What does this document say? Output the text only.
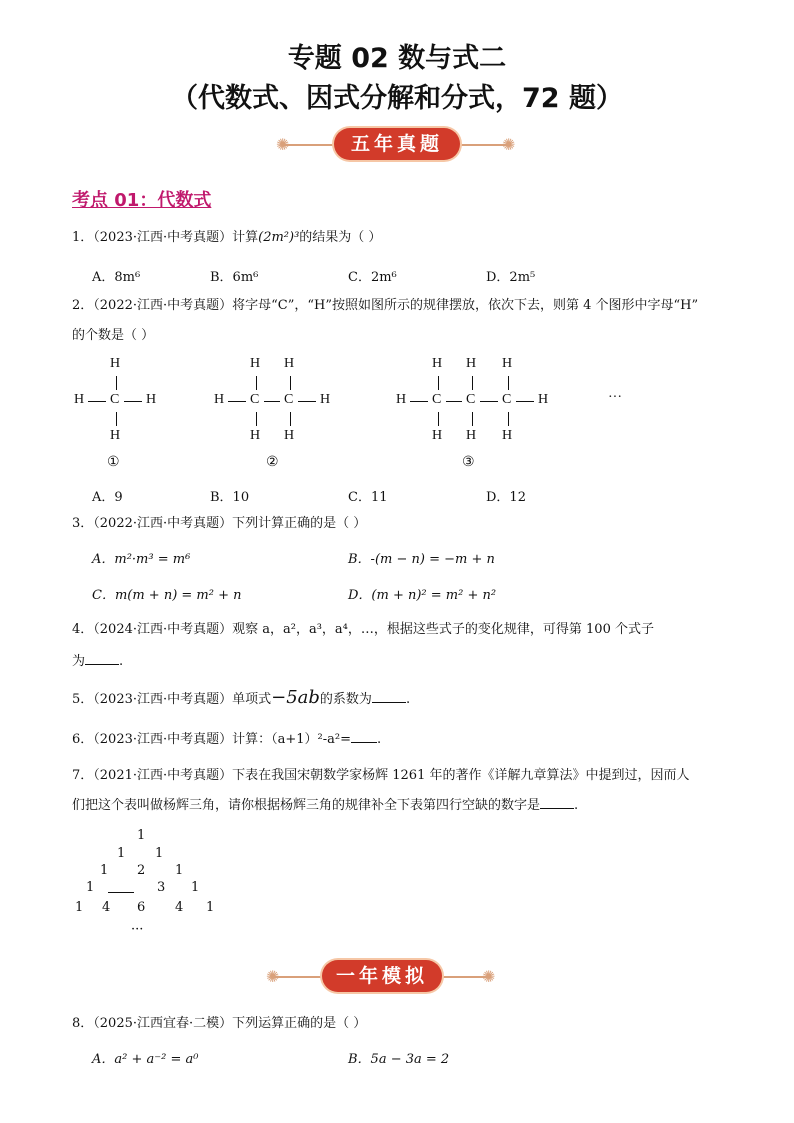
专题 02 数与式二
（代数式、因式分解和分式，72 题）
✺	✺
五年真题
考点 01：代数式
1．（2023·江西·中考真题）计算(2m²)³的结果为（ ）
A．8m⁶	B．6m⁶	C．2m⁶	D．2m⁵
2．（2022·江西·中考真题）将字母“C”，“H”按照如图所示的规律摆放，依次下去，则第 4 个图形中字母“H”
的个数是（ ）
H
H C H
H
①
H H
H C C H
H H
②
H H H
H C C C H
H H H
③
···
A．9	B．10	C．11	D．12
3．（2022·江西·中考真题）下列计算正确的是（ ）
A．m²·m³ = m⁶	B．-(m − n) = −m + n
C．m(m + n) = m² + n	D．(m + n)² = m² + n²
4．（2024·江西·中考真题）观察 a，a²，a³，a⁴，…，根据这些式子的变化规律，可得第 100 个式子
为	.
5．（2023·江西·中考真题）单项式−5ab的系数为	.
6．（2023·江西·中考真题）计算：（a+1）²-a²= .
7．（2021·江西·中考真题）下表在我国宋朝数学家杨辉 1261 年的著作《详解九章算法》中提到过，因而人
们把这个表叫做杨辉三角，请你根据杨辉三角的规律补全下表第四行空缺的数字是	.
1
1 1
1 2 1
1	3 1
1 4 6 4 1
···
✺	✺
一年模拟
8．（2025·江西宜春·二模）下列运算正确的是（ ）
A．a² + a⁻² = a⁰	B．5a − 3a = 2
